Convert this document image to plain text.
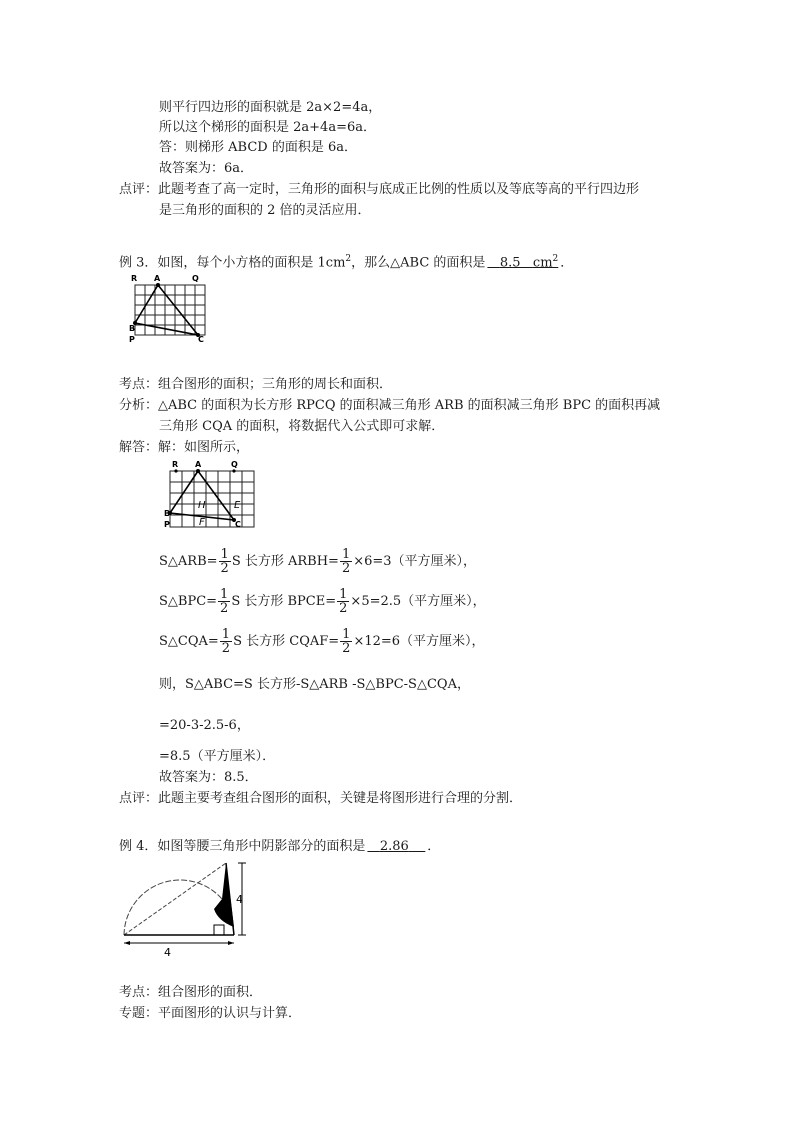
则平行四边形的面积就是 2a×2=4a，
所以这个梯形的面积是 2a+4a=6a．
答：则梯形 ABCD 的面积是 6a．
故答案为：6a．
点评：此题考查了高一定时，三角形的面积与底成正比例的性质以及等底等高的平行四边形
是三角形的面积的 2 倍的灵活应用．
例 3．如图，每个小方格的面积是 $1cm^2$，那么△ABC 的面积是 8.5 $cm^2$ ．
R A	Q
B
P	C
考点：组合图形的面积；三角形的周长和面积．
分析：△ABC 的面积为长方形 RPCQ 的面积减三角形 ARB 的面积减三角形 BPC 的面积再减
三角形 CQA 的面积，将数据代入公式即可求解．
解答：解：如图所示，
R A	Q
B
P	C
H	E
F
S△ARB= $\frac{1}{2}$ S 长方形 ARBH= $\frac{1}{2} \times 6=3$（平方厘米），
S△BPC= $\frac{1}{2}$ S 长方形 BPCE= $\frac{1}{2} \times 5=2.5$（平方厘米），
S△CQA= $\frac{1}{2}$ S 长方形 CQAF= $\frac{1}{2} \times 12=6$（平方厘米），
则，S△ABC=S 长方形-S△ARB -S△BPC-S△CQA，
=20-3-2.5-6，
=8.5（平方厘米）．
故答案为：8.5．
点评：此题主要考查组合图形的面积，关键是将图形进行合理的分割．
例 4．如图等腰三角形中阴影部分的面积是 2.86 ．
4
4
考点：组合图形的面积．
专题：平面图形的认识与计算．
